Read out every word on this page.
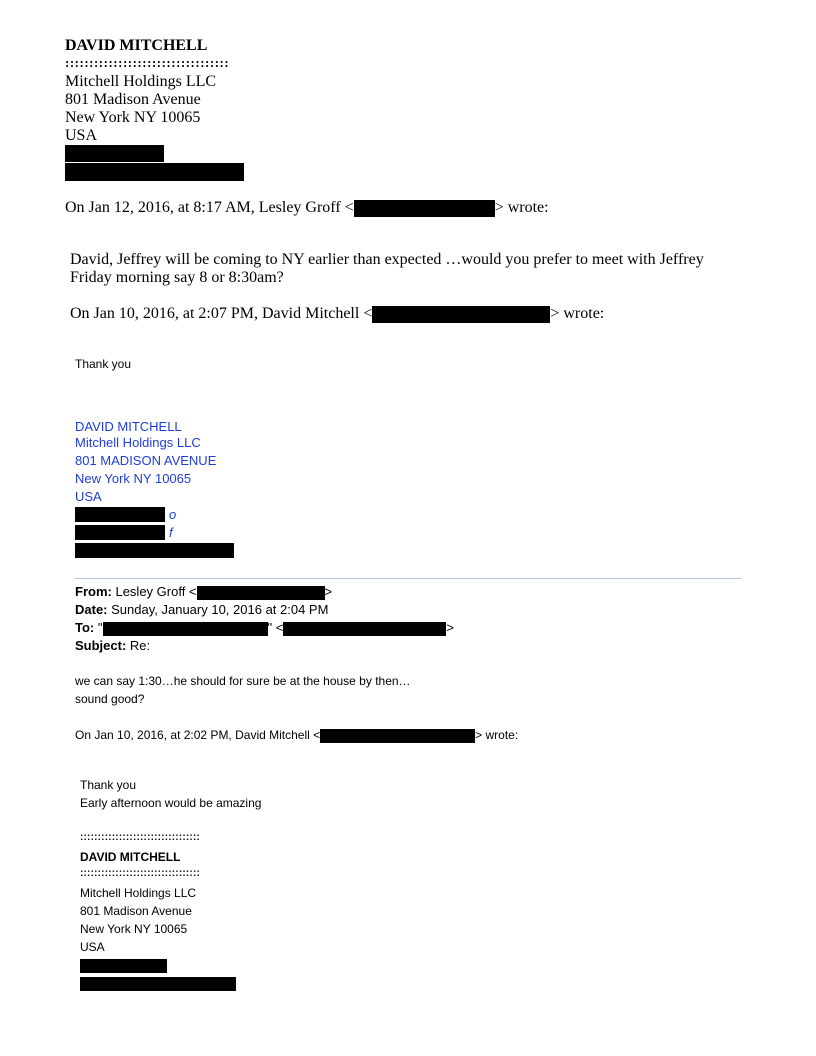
DAVID MITCHELL
::::::::::::::::::::::::::::::::::
Mitchell Holdings LLC
801 Madison Avenue
New York NY 10065
USA
On Jan 12, 2016, at 8:17 AM, Lesley Groff <	> wrote:
David, Jeffrey will be coming to NY earlier than expected …would you prefer to meet with Jeffrey
Friday morning say 8 or 8:30am?
On Jan 10, 2016, at 2:07 PM, David Mitchell <	> wrote:
Thank you
DAVID MITCHELL
Mitchell Holdings LLC
801 MADISON AVENUE
New York NY 10065
USA
o
f
From: Lesley Groff <	>
Date: Sunday, January 10, 2016 at 2:04 PM
To: "	" <	>
Subject: Re:
we can say 1:30…he should for sure be at the house by then…
sound good?
On Jan 10, 2016, at 2:02 PM, David Mitchell <	> wrote:
Thank you
Early afternoon would be amazing
::::::::::::::::::::::::::::::::::
DAVID MITCHELL
::::::::::::::::::::::::::::::::::
Mitchell Holdings LLC
801 Madison Avenue
New York NY 10065
USA
